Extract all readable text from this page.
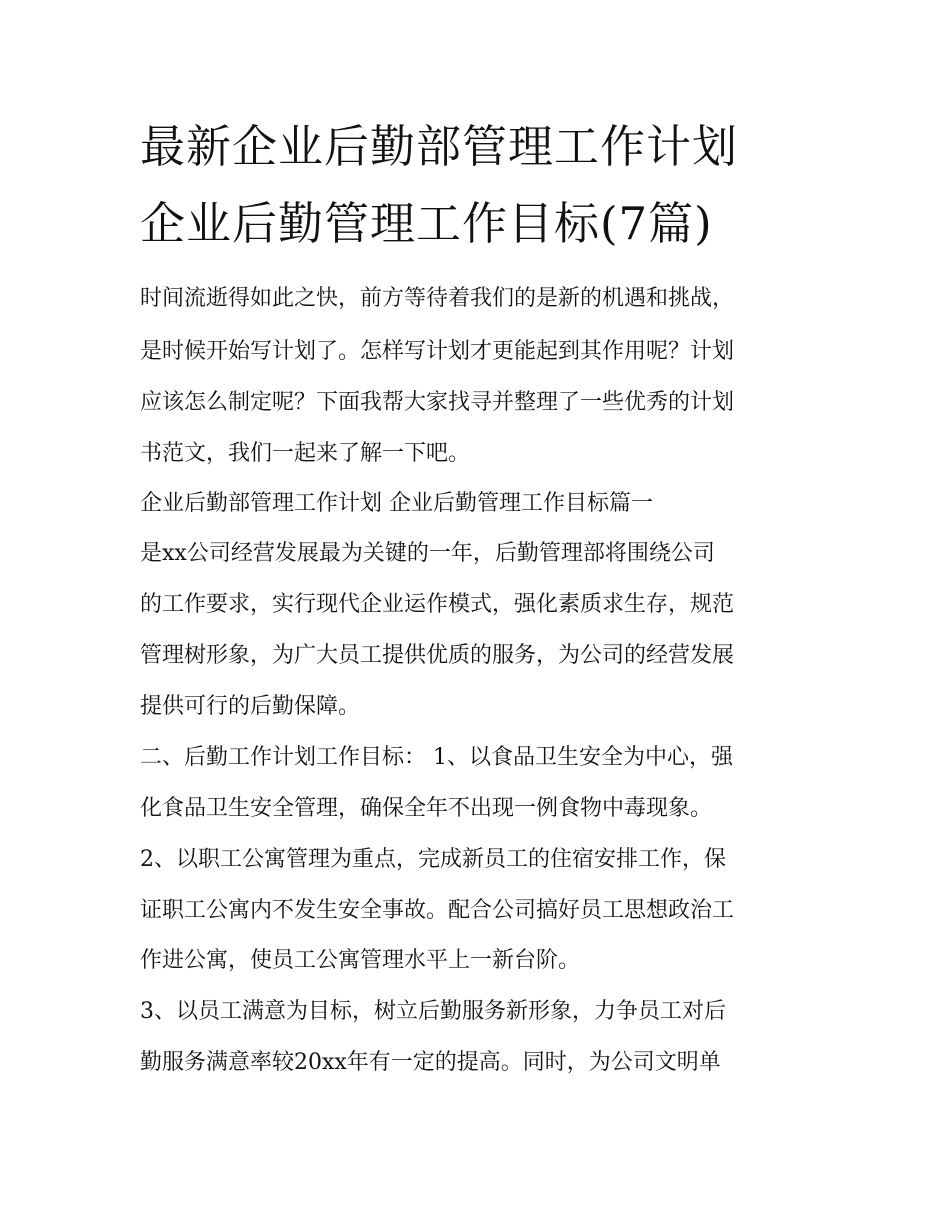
最新企业后勤部管理工作计划
企业后勤管理工作目标(7篇)

时间流逝得如此之快，前方等待着我们的是新的机遇和挑战，

是时候开始写计划了。怎样写计划才更能起到其作用呢？计划

应该怎么制定呢？下面我帮大家找寻并整理了一些优秀的计划

书范文，我们一起来了解一下吧。

企业后勤部管理工作计划 企业后勤管理工作目标篇一

是xx公司经营发展最为关键的一年，后勤管理部将围绕公司

的工作要求，实行现代企业运作模式，强化素质求生存，规范

管理树形象，为广大员工提供优质的服务，为公司的经营发展

提供可行的后勤保障。

二、后勤工作计划工作目标： 1、以食品卫生安全为中心，强

化食品卫生安全管理，确保全年不出现一例食物中毒现象。

2、以职工公寓管理为重点，完成新员工的住宿安排工作，保

证职工公寓内不发生安全事故。配合公司搞好员工思想政治工

作进公寓，使员工公寓管理水平上一新台阶。

3、以员工满意为目标，树立后勤服务新形象，力争员工对后

勤服务满意率较20xx年有一定的提高。同时，为公司文明单
